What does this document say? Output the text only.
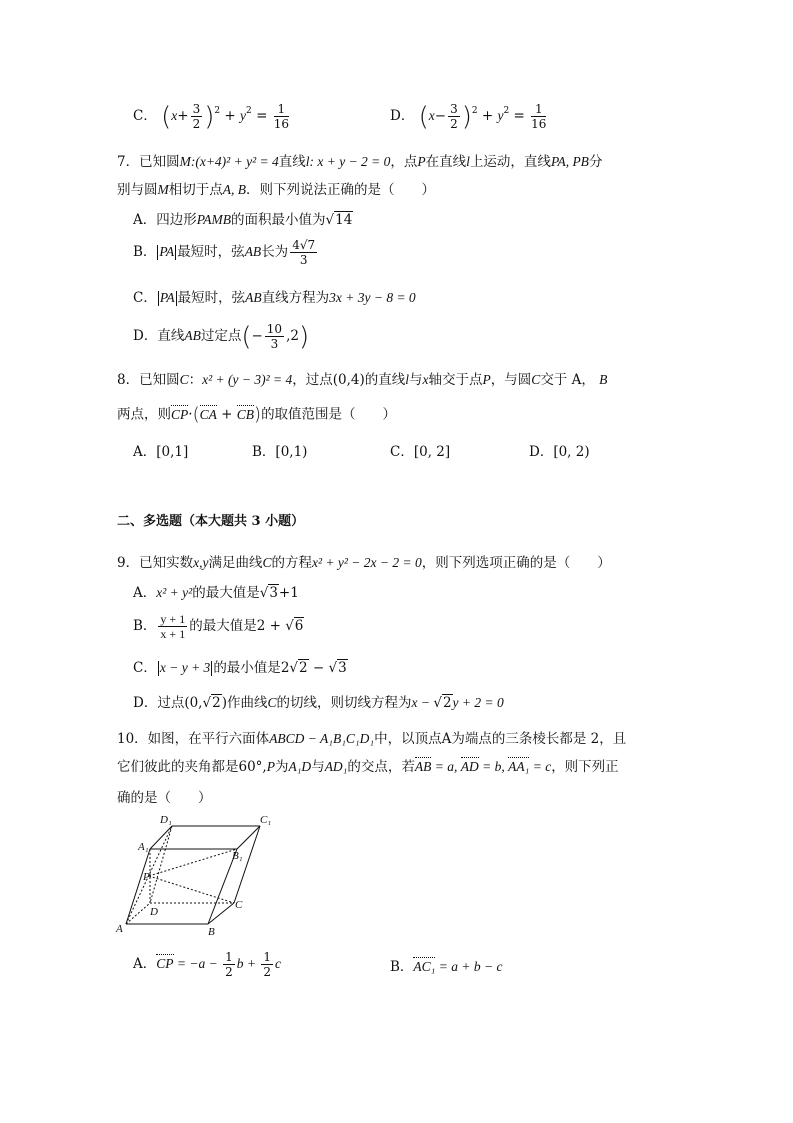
C． $(x+ \frac{3}{2} )^2 + y^2 = \frac{1}{16}$	D． $(x- \frac{3}{2} )^2 + y^2 = \frac{1}{16}$
7．已知圆M:(x+4)² + y² = 4直线l: x + y − 2 = 0，点P在直线l上运动，直线PA, PB分
别与圆M相切于点A, B．则下列说法正确的是（　　）
A．四边形PAMB的面积最小值为√14
B． PA 最短时，弦AB长为 $\frac{4√7}{3}$
C． PA 最短时，弦AB直线方程为3x + 3y − 8 = 0
D．直线AB过定点(− $\frac{10}{3} ,2$)
8．已知圆C：x² + (y − 3)² = 4，过点(0,4)的直线l与x轴交于点P，与圆C交于 A， B
两点，则CP·(CA + CB)的取值范围是（　　）
A．[0,1]	B．[0,1)	C．[0, 2]	D．[0, 2)
二、多选题（本大题共 3 小题）
9．已知实数x,y满足曲线C的方程x² + y² − 2x − 2 = 0，则下列选项正确的是（　　）
A．x² + y²的最大值是√3+1
B． $\frac{y + 1}{x + 1}$ 的最大值是2 + √6
C． x − y + 3 的最小值是2√2 − √3
D．过点(0,√2)作曲线C的切线，则切线方程为x − √2y + 2 = 0
10．如图，在平行六面体ABCD − A₁B₁C₁D₁中，以顶点A为端点的三条棱长都是 2，且
它们彼此的夹角都是60°,P为A₁D与AD₁的交点，若AB = a, AD = b, AA₁ = c，则下列正
确的是（　　）
D₁	C₁
A₁
B₁
P
D
C
A	B
A．CP = $-a - \frac{1}{2}$ $b + \frac{1}{2}$ c	B．AC₁ = a + b − c
